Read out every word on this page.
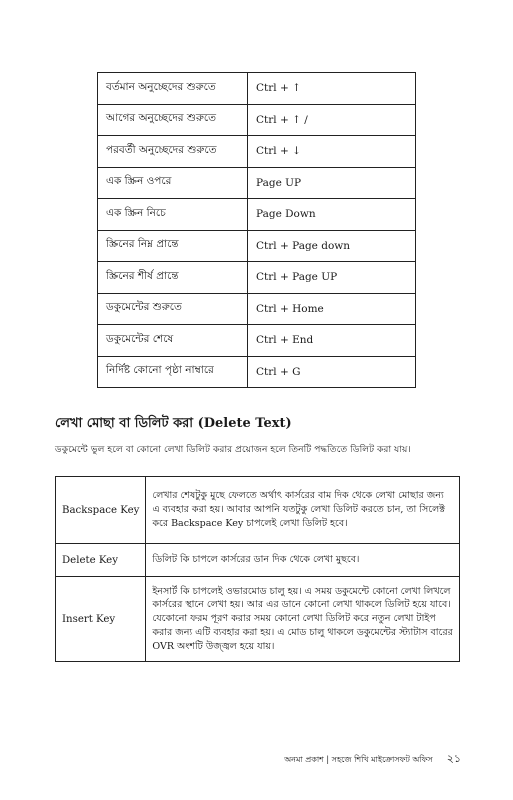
বর্তমান অনুচ্ছেদের শুরুতে	Ctrl + ↑
আগের অনুচ্ছেদের শুরুতে	Ctrl + ↑ /
পরবর্তী অনুচ্ছেদের শুরুতে	Ctrl + ↓
এক স্ক্রিন ওপরে	Page UP
এক স্ক্রিন নিচে	Page Down
স্ক্রিনের নিম্ন প্রান্তে	Ctrl + Page down
স্ক্রিনের শীর্ষ প্রান্তে	Ctrl + Page UP
ডকুমেন্টের শুরুতে	Ctrl + Home
ডকুমেন্টের শেষে	Ctrl + End
নির্দিষ্ট কোনো পৃষ্ঠা নাম্বারে	Ctrl + G
লেখা মোছা বা ডিলিট করা (Delete Text)

ডকুমেন্টে ভুল হলে বা কোনো লেখা ডিলিট করার প্রয়োজন হলে তিনটি পদ্ধতিতে ডিলিট করা যায়।

Backspace Key	লেখার শেষটুকু মুছে ফেলতে অর্থাৎ কার্সরের বাম দিক থেকে লেখা মোছার জন্য এ ব্যবহার করা হয়। আবার আপনি যতটুকু লেখা ডিলিট করতে চান, তা সিলেক্ট করে Backspace Key চাপলেই লেখা ডিলিট হবে।
Delete Key	ডিলিট কি চাপলে কার্সরের ডান দিক থেকে লেখা মুছবে।
Insert Key	ইনসার্ট কি চাপলেই ওভারমোড চালু হয়। এ সময় ডকুমেন্টে কোনো লেখা লিখলে কার্সরের স্থানে লেখা হয়। আর এর ডানে কোনো লেখা থাকলে ডিলিট হয়ে যাবে। যেকোনো ফরম পূরণ করার সময় কোনো লেখা ডিলিট করে নতুন লেখা টাইপ করার জন্য এটি ব্যবহার করা হয়। এ মোড চালু থাকলে ডকুমেন্টের স্ট্যাটাস বারের OVR অংশটি উজ্জ্বল হয়ে যায়।

অনমা প্রকাশ | সহজে শিখি মাইক্রোসফট অফিস ২১
